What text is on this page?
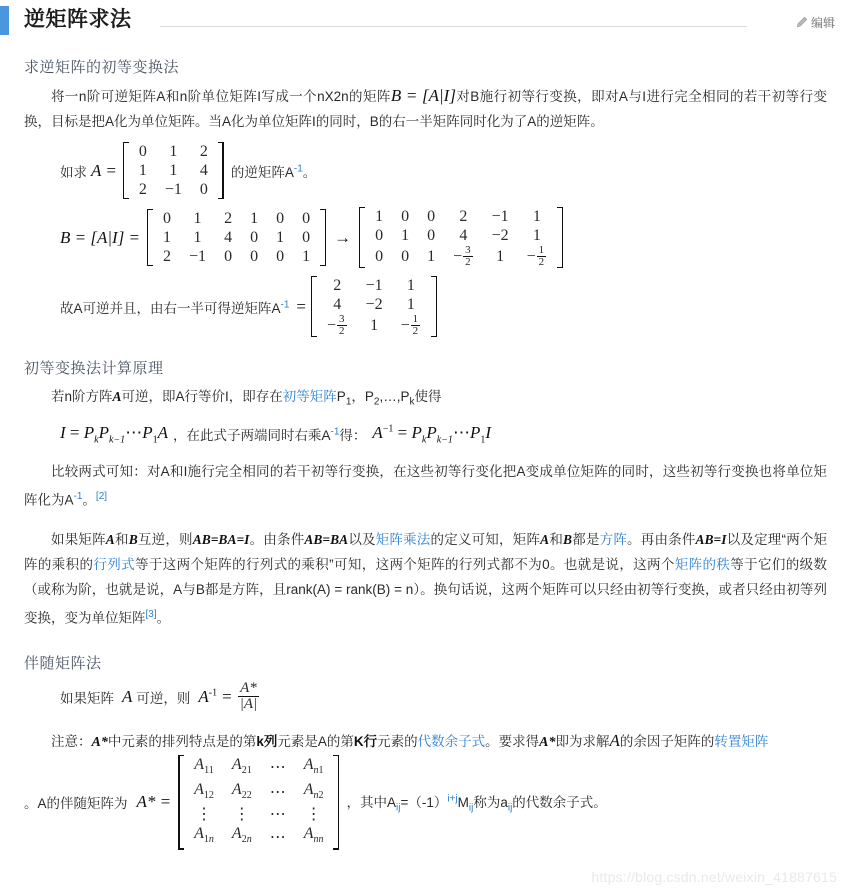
逆矩阵求法	编辑
求逆矩阵的初等变换法
将一n阶可逆矩阵A和n阶单位矩阵I写成一个nX2n的矩阵B = [A|I]对B施行初等行变换，即对A与I进行完全相同的若干初等行变换，目标是把A化为单位矩阵。当A化为单位矩阵I的同时，B的右一半矩阵同时化为了A的逆矩阵。
如求 A =
0	1	2
1	1	4
2	−1	0
的逆矩阵$A^{-1}$。
B = [A|I] =
0	1	2	1	0	0
1	1	4	0	1	0
2	−1	0	0	0	1
→
1	0	0	2	−1	1
0	1	0	4	−2	1
0	0	1	− $\frac{3}{2}$	1	− $\frac{1}{2}$
故A可逆并且，由右一半可得逆矩阵$A^{-1}$ =
2	−1	1
4	−2	1
− $\frac{3}{2}$	1	− $\frac{1}{2}$
初等变换法计算原理
若n阶方阵A可逆，即A行等价I，即存在初等矩阵$P_1$，$P_2,\dots,P_k$使得
$I = P_kP_{k-1}\cdots P_1A$ ，在此式子两端同时右乘$A^{-1}$得： $A^{-1}$ = $P_kP_{k-1}\cdots P_1I$
比较两式可知：对A和I施行完全相同的若干初等行变换，在这些初等行变化把A变成单位矩阵的同时，这些初等行变换也将单位矩阵化为$A^{-1}$。[2]
如果矩阵A和B互逆，则AB=BA=I。由条件AB=BA以及矩阵乘法的定义可知，矩阵A和B都是方阵。再由条件AB=I以及定理“两个矩阵的乘积的行列式等于这两个矩阵的行列式的乘积”可知，这两个矩阵的行列式都不为0。也就是说，这两个矩阵的秩等于它们的级数（或称为阶，也就是说，A与B都是方阵，且rank(A) = rank(B) = n）。换句话说，这两个矩阵可以只经由初等行变换，或者只经由初等列变换，变为单位矩阵[3]。
伴随矩阵法
如果矩阵 A 可逆，则 $A^{-1} = \frac{A*}{|A|}$
注意：A*中元素的排列特点是的第k列元素是A的第K行元素的代数余子式。要求得A*即为求解A的余因子矩阵的转置矩阵
。A的伴随矩阵为 A* =
$A_{11}$	$A_{21}$	⋯	$A_{n1}$
$A_{12}$	$A_{22}$	⋯	$A_{n2}$
⋮	⋮	⋯	⋮
$A_{1n}$	$A_{2n}$	⋯	$A_{nn}$
，其中$A_{ij}=(-1)^{i+j}M_{ij}$称为$a_{ij}$的代数余子式。
https://blog.csdn.net/weixin_41887615
